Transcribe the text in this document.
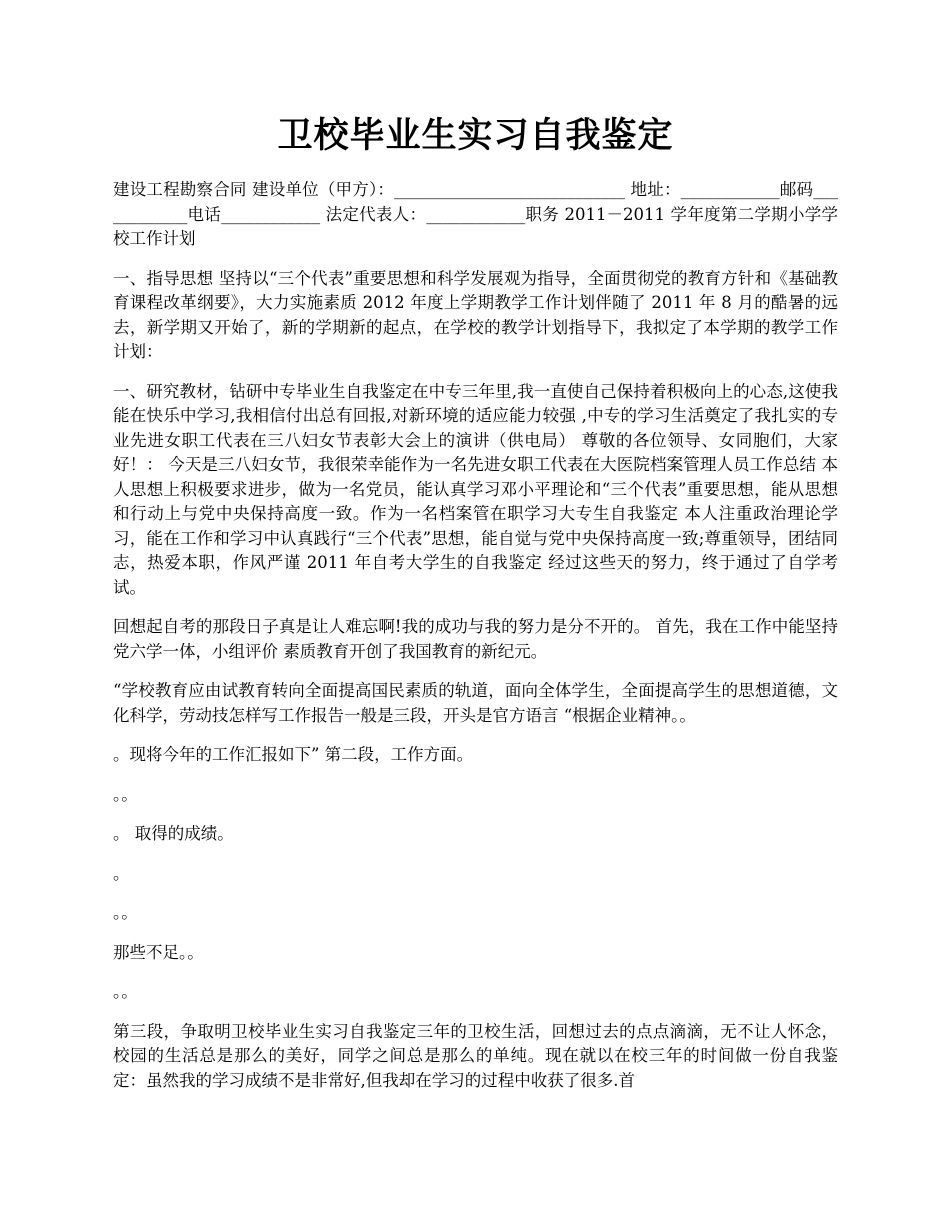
卫校毕业生实习自我鉴定

建设工程勘察合同 建设单位（甲方）：____________________________ 地址：____________邮码____________电话____________ 法定代表人：____________职务 2011－2011 学年度第二学期小学学校工作计划

一、指导思想 坚持以“三个代表”重要思想和科学发展观为指导，全面贯彻党的教育方针和《基础教育课程改革纲要》，大力实施素质 2012 年度上学期教学工作计划伴随了 2011 年 8 月的酷暑的远去，新学期又开始了，新的学期新的起点，在学校的教学计划指导下，我拟定了本学期的教学工作计划：

一、研究教材，钻研中专毕业生自我鉴定在中专三年里,我一直使自己保持着积极向上的心态,这使我能在快乐中学习,我相信付出总有回报,对新环境的适应能力较强 ,中专的学习生活奠定了我扎实的专业先进女职工代表在三八妇女节表彰大会上的演讲（供电局） 尊敬的各位领导、女同胞们，大家好！： 今天是三八妇女节，我很荣幸能作为一名先进女职工代表在大医院档案管理人员工作总结 本人思想上积极要求进步，做为一名党员，能认真学习邓小平理论和“三个代表”重要思想，能从思想和行动上与党中央保持高度一致。作为一名档案管在职学习大专生自我鉴定 本人注重政治理论学习，能在工作和学习中认真践行“三个代表”思想，能自觉与党中央保持高度一致;尊重领导，团结同志，热爱本职，作风严谨 2011 年自考大学生的自我鉴定 经过这些天的努力，终于通过了自学考试。

回想起自考的那段日子真是让人难忘啊!我的成功与我的努力是分不开的。 首先，我在工作中能坚持党六学一体，小组评价 素质教育开创了我国教育的新纪元。

“学校教育应由试教育转向全面提高国民素质的轨道，面向全体学生，全面提高学生的思想道德，文化科学，劳动技怎样写工作报告一般是三段，开头是官方语言 “根据企业精神。。

。现将今年的工作汇报如下” 第二段，工作方面。

。。

。 取得的成绩。

。

。。

那些不足。。

。。

第三段，争取明卫校毕业生实习自我鉴定三年的卫校生活，回想过去的点点滴滴，无不让人怀念，校园的生活总是那么的美好，同学之间总是那么的单纯。现在就以在校三年的时间做一份自我鉴定：虽然我的学习成绩不是非常好,但我却在学习的过程中收获了很多.首
